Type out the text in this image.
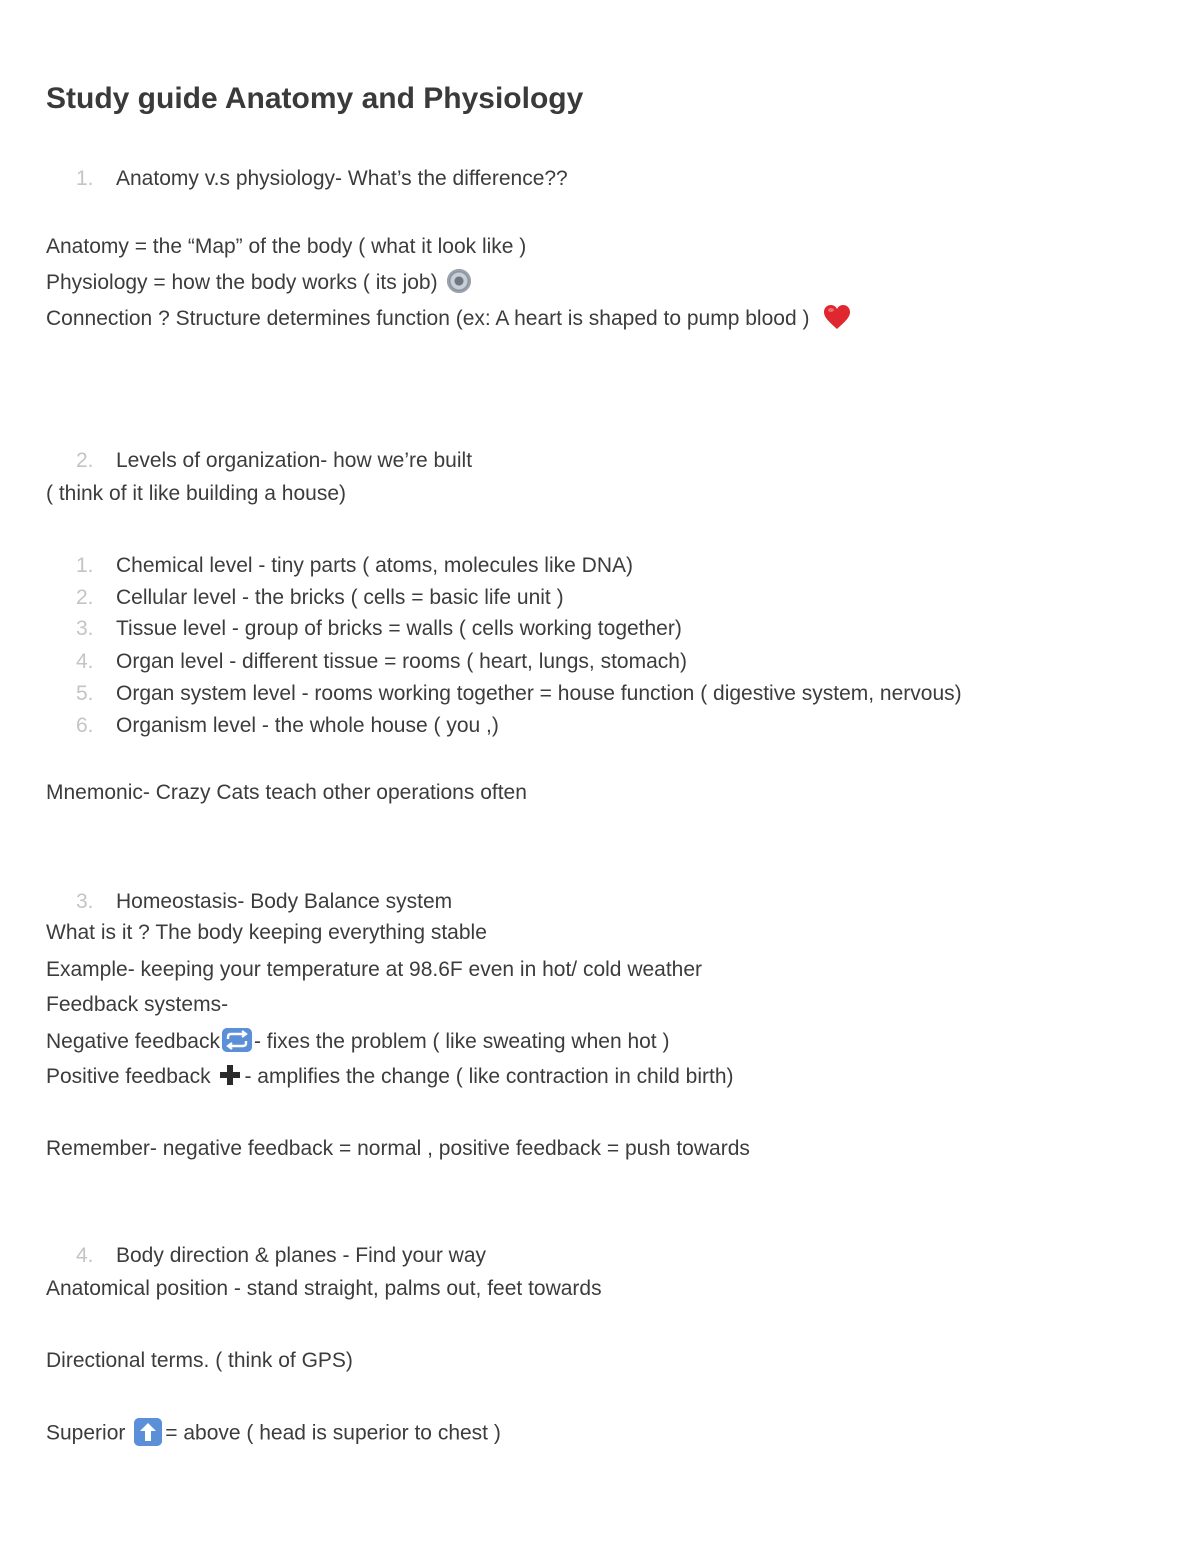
Study guide Anatomy and Physiology
1.	Anatomy v.s physiology- What’s the difference??
Anatomy = the “Map” of the body ( what it look like )
Physiology = how the body works ( its job)
Connection ? Structure determines function (ex: A heart is shaped to pump blood )
2.	Levels of organization- how we’re built
( think of it like building a house)
1.	Chemical level - tiny parts ( atoms, molecules like DNA)
2.	Cellular level - the bricks ( cells = basic life unit )
3.	Tissue level - group of bricks = walls ( cells working together)
4.	Organ level - different tissue = rooms ( heart, lungs, stomach)
5.	Organ system level - rooms working together = house function ( digestive system, nervous)
6.	Organism level - the whole house ( you ,)
Mnemonic- Crazy Cats teach other operations often
3.	Homeostasis- Body Balance system
What is it ? The body keeping everything stable
Example- keeping your temperature at 98.6F even in hot/ cold weather
Feedback systems-
Negative feedback - fixes the problem ( like sweating when hot )
Positive feedback - amplifies the change ( like contraction in child birth)
Remember- negative feedback = normal , positive feedback = push towards
4.	Body direction & planes - Find your way
Anatomical position - stand straight, palms out, feet towards
Directional terms. ( think of GPS)
Superior = above ( head is superior to chest )
